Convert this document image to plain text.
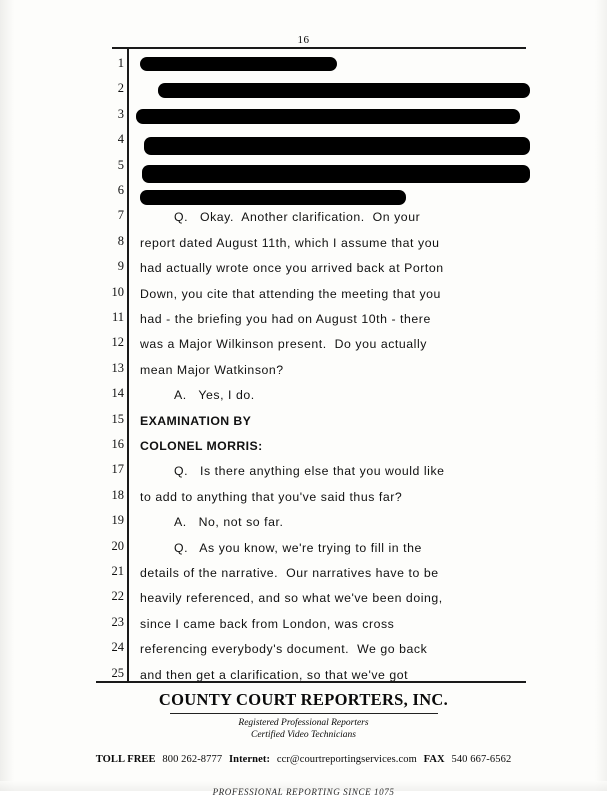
16
1
2
3
4
5
6
7
8
9
10
11
12
13
14
15
16
17
18
19
20
21
22
23
24
25
Q.   Okay.  Another clarification.  On your
report dated August 11th, which I assume that you
had actually wrote once you arrived back at Porton
Down, you cite that attending the meeting that you
had - the briefing you had on August 10th - there
was a Major Wilkinson present.  Do you actually
mean Major Watkinson?
A.   Yes, I do.
EXAMINATION BY
COLONEL MORRIS:
Q.   Is there anything else that you would like
to add to anything that you've said thus far?
A.   No, not so far.
Q.   As you know, we're trying to fill in the
details of the narrative.  Our narratives have to be
heavily referenced, and so what we've been doing,
since I came back from London, was cross
referencing everybody's document.  We go back
and then get a clarification, so that we've got
COUNTY COURT REPORTERS, INC.
Registered Professional Reporters
Certified Video Technicians
TOLL FREE 800 262-8777 Internet: ccr@courtreportingservices.com FAX 540 667-6562
PROFESSIONAL REPORTING SINCE 1075
